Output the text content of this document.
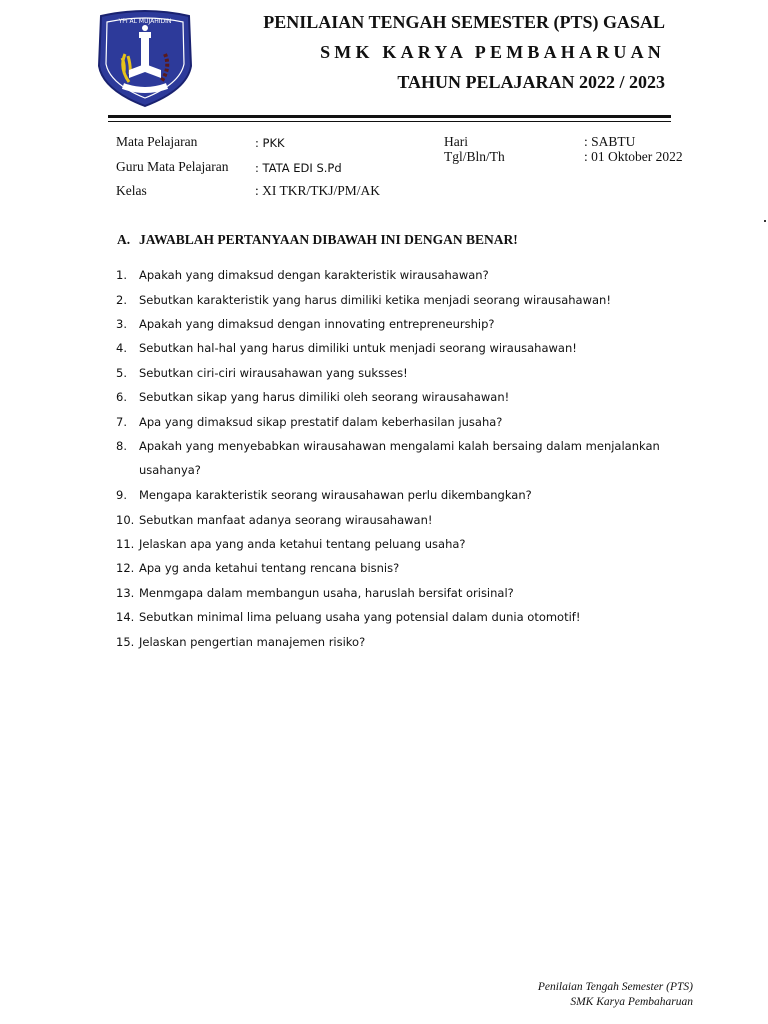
YPI AL MUJAHIDIN	PENILAIAN TENGAH SEMESTER (PTS) GASAL
SMK KARYA PEMBAHARUAN
TAHUN PELAJARAN 2022 / 2023
Mata Pelajaran	: PKK
Guru Mata Pelajaran : TATA EDI S.Pd
Kelas	: XI TKR/TKJ/PM/AK
Hari	: SABTU
Tgl/Bln/Th	: 01 Oktober 2022
A. JAWABLAH PERTANYAAN DIBAWAH INI DENGAN BENAR!
1. Apakah yang dimaksud dengan karakteristik wirausahawan?
2. Sebutkan karakteristik yang harus dimiliki ketika menjadi seorang wirausahawan!
3. Apakah yang dimaksud dengan innovating entrepreneurship?
4. Sebutkan hal-hal yang harus dimiliki untuk menjadi seorang wirausahawan!
5. Sebutkan ciri-ciri wirausahawan yang suksses!
6. Sebutkan sikap yang harus dimiliki oleh seorang wirausahawan!
7. Apa yang dimaksud sikap prestatif dalam keberhasilan jusaha?
8. Apakah yang menyebabkan wirausahawan mengalami kalah bersaing dalam menjalankan
usahanya?
9. Mengapa karakteristik seorang wirausahawan perlu dikembangkan?
10. Sebutkan manfaat adanya seorang wirausahawan!
11. Jelaskan apa yang anda ketahui tentang peluang usaha?
12. Apa yg anda ketahui tentang rencana bisnis?
13. Menmgapa dalam membangun usaha, haruslah bersifat orisinal?
14. Sebutkan minimal lima peluang usaha yang potensial dalam dunia otomotif!
15. Jelaskan pengertian manajemen risiko?
Penilaian Tengah Semester (PTS)
SMK Karya Pembaharuan
